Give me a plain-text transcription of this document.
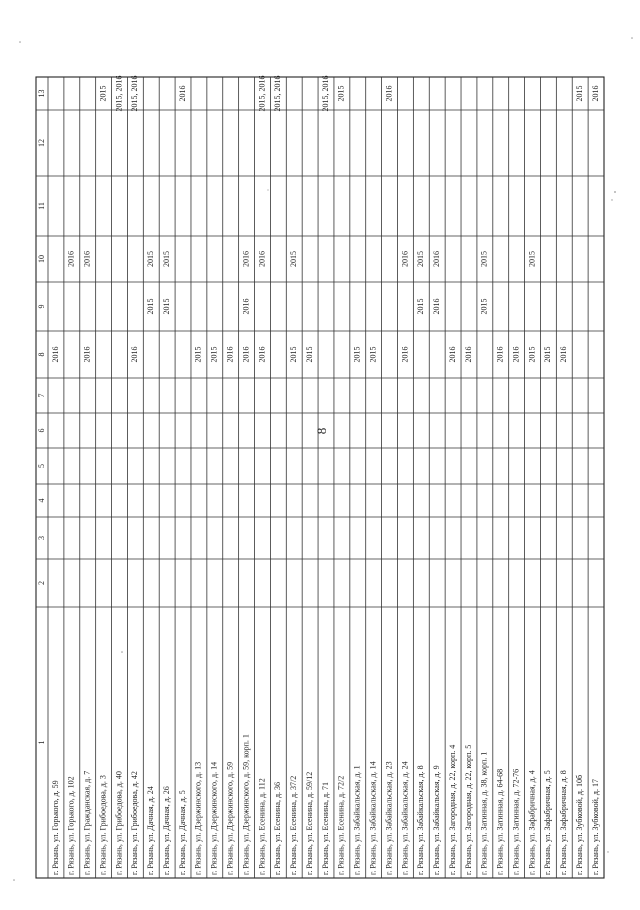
8
1
2
3
4
5
6
7
8
9
10
11
12
13
г. Рязань, ул. Горького, д. 59
2016
г. Рязань, ул. Горького, д. 102
2016
г. Рязань, ул. Гражданская, д. 7
2016
2016
г. Рязань, ул. Грибоедова, д. 3
2015
г. Рязань, ул. Грибоедова, д. 40
2015, 2016
г. Рязань, ул. Грибоедова, д. 42
2016
2015, 2016
г. Рязань, ул. Дачная, д. 24
2015
2015
г. Рязань, ул. Дачная, д. 26
2015
2015
г. Рязань, ул. Дачная, д. 5
2016
г. Рязань, ул. Дзержинского, д. 13
2015
г. Рязань, ул. Дзержинского, д. 14
2015
г. Рязань, ул. Дзержинского, д. 59
2016
г. Рязань, ул. Дзержинского, д. 59, корп. 1
2016
2016
2016
г. Рязань, ул. Есенина, д. 112
2016
2016
2015, 2016
г. Рязань, ул. Есенина, д. 36
2015, 2016
г. Рязань, ул. Есенина, д. 37/2
2015
2015
г. Рязань, ул. Есенина, д. 59/12
2015
г. Рязань, ул. Есенина, д. 71
2015, 2016
г. Рязань, ул. Есенина, д. 72/2
2015
г. Рязань, ул. Забайкальская, д. 1
2015
г. Рязань, ул. Забайкальская, д. 14
2015
г. Рязань, ул. Забайкальская, д. 23
2016
г. Рязань, ул. Забайкальская, д. 24
2016
2016
г. Рязань, ул. Забайкальская, д. 8
2015
2015
г. Рязань, ул. Забайкальская, д. 9
2016
2016
г. Рязань, ул. Загородная, д. 22, корп. 4
2016
г. Рязань, ул. Загородная, д. 22, корп. 5
2016
г. Рязань, ул. Затинная, д. 38, корп. 1
2015
2015
г. Рязань, ул. Затинная, д. 64-68
2016
г. Рязань, ул. Затинная, д. 72-76
2016
г. Рязань, ул. Зафабричная, д. 4
2015
2015
г. Рязань, ул. Зафабричная, д. 5
2015
г. Рязань, ул. Зафабричная, д. 8
2016
г. Рязань, ул. Зубковой, д. 10б
2015
г. Рязань, ул. Зубковой, д. 17
2016
